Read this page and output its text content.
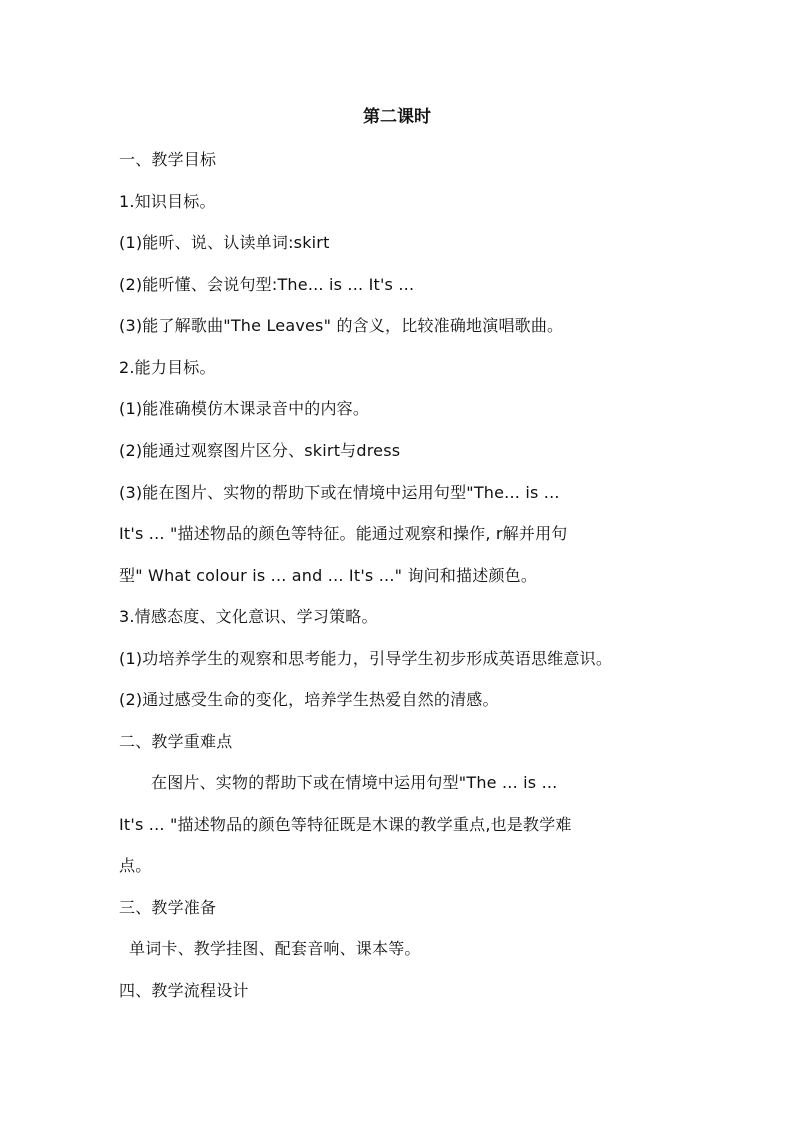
第二课时
一、教学目标
1.知识目标。
(1)能听、说、认读单词:skirt
(2)能听懂、会说句型:The... is ... It's ...
(3)能了解歌曲"The Leaves" 的含义，比较准确地演唱歌曲。
2.能力目标。
(1)能准确模仿木课录音中的内容。
(2)能通过观察图片区分、skirt与dress
(3)能在图片、实物的帮助下或在情境中运用句型"The... is ...
It's ... "描述物品的颜色等特征。能通过观察和操作, r解并用句
型" What colour is ... and ... It's ..." 询问和描述颜色。
3.情感态度、文化意识、学习策略。
(1)功培养学生的观察和思考能力，引导学生初步形成英语思维意识。
(2)通过感受生命的变化，培养学生热爱自然的清感。
二、教学重难点
在图片、实物的帮助下或在情境中运用句型"The ... is ...
It's ... "描述物品的颜色等特征既是木课的教学重点,也是教学难
点。
三、教学准备
单词卡、教学挂图、配套音响、课本等。
四、教学流程设计
